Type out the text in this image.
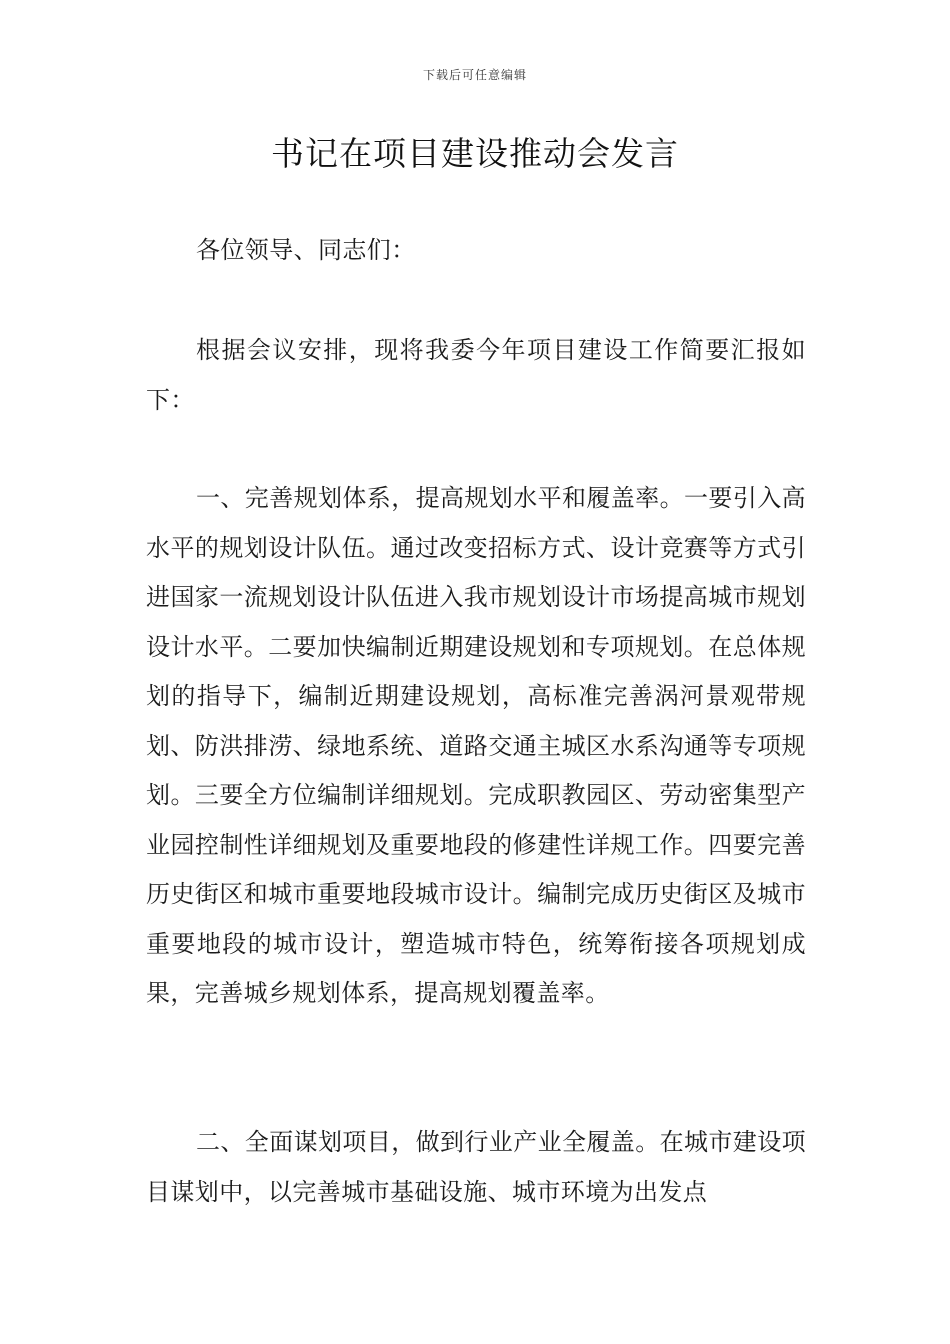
下载后可任意编辑
书记在项目建设推动会发言

各位领导、同志们：

根据会议安排，现将我委今年项目建设工作简要汇报如下：

一、完善规划体系，提高规划水平和履盖率。一要引入高水平的规划设计队伍。通过改变招标方式、设计竞赛等方式引进国家一流规划设计队伍进入我市规划设计市场提高城市规划设计水平。二要加快编制近期建设规划和专项规划。在总体规划的指导下，编制近期建设规划，高标准完善涡河景观带规划、防洪排涝、绿地系统、道路交通主城区水系沟通等专项规划。三要全方位编制详细规划。完成职教园区、劳动密集型产业园控制性详细规划及重要地段的修建性详规工作。四要完善历史街区和城市重要地段城市设计。编制完成历史街区及城市重要地段的城市设计，塑造城市特色，统筹衔接各项规划成果，完善城乡规划体系，提高规划覆盖率。

二、全面谋划项目，做到行业产业全履盖。在城市建设项目谋划中，以完善城市基础设施、城市环境为出发点
